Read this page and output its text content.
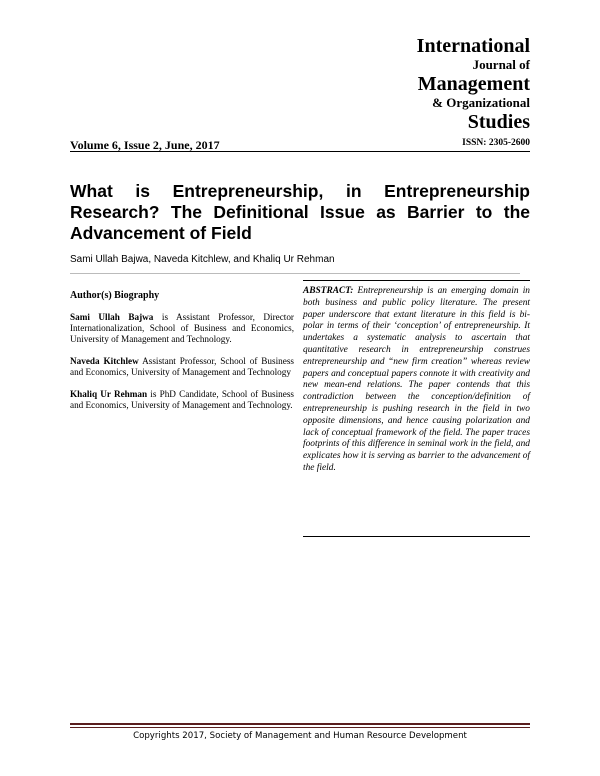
International
Journal of
Management
& Organizational
Studies
Volume 6, Issue 2, June, 2017	ISSN: 2305-2600
What is Entrepreneurship, in Entrepreneurship
Research? The Definitional Issue as Barrier to the
Advancement of Field
Sami Ullah Bajwa, Naveda Kitchlew, and Khaliq Ur Rehman
Author(s) Biography
Sami Ullah Bajwa is Assistant Professor, Director Internationalization, School of Business and Economics, University of Management and Technology.
Naveda Kitchlew Assistant Professor, School of Business and Economics, University of Management and Technology
Khaliq Ur Rehman is PhD Candidate, School of Business and Economics, University of Management and Technology.
ABSTRACT: Entrepreneurship is an emerging domain in both business and public policy literature. The present paper underscore that extant literature in this field is bi-polar in terms of their ‘conception’ of entrepreneurship. It undertakes a systematic analysis to ascertain that quantitative research in entrepreneurship construes entrepreneurship and “new firm creation” whereas review papers and conceptual papers connote it with creativity and new mean-end relations. The paper contends that this contradiction between the conception/definition of entrepreneurship is pushing research in the field in two opposite dimensions, and hence causing polarization and lack of conceptual framework of the field. The paper traces footprints of this difference in seminal work in the field, and explicates how it is serving as barrier to the advancement of the field.
Copyrights 2017, Society of Management and Human Resource Development
